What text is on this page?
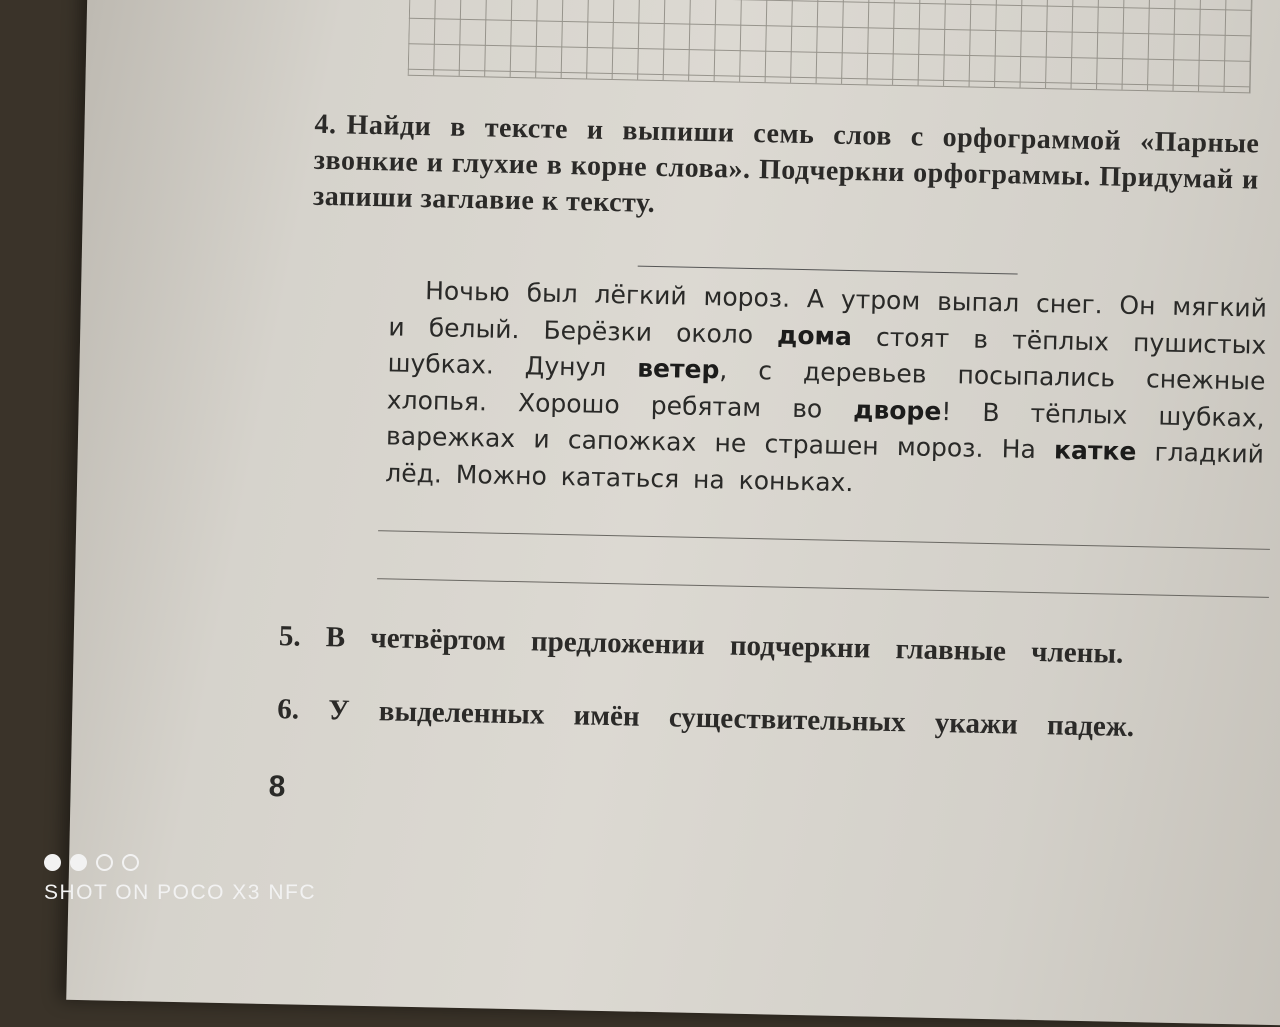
4. Найди в тексте и выпиши семь слов с орфограммой «Парные звонкие и глухие в корне слова». Подчеркни орфограммы. Придумай и запиши заглавие к тексту.
Ночью был лёгкий мороз. А утром выпал снег. Он мягкий и белый. Берёзки около дома стоят в тёплых пушистых шубках. Дунул ветер, с деревьев посыпались снежные хлопья. Хорошо ребятам во дворе! В тёплых шубках, варежках и сапожках не страшен мороз. На катке гладкий лёд. Можно кататься на коньках.
5. В четвёртом предложении подчеркни главные члены.
6. У выделенных имён существительных укажи падеж.
8
SHOT ON POCO X3 NFC
